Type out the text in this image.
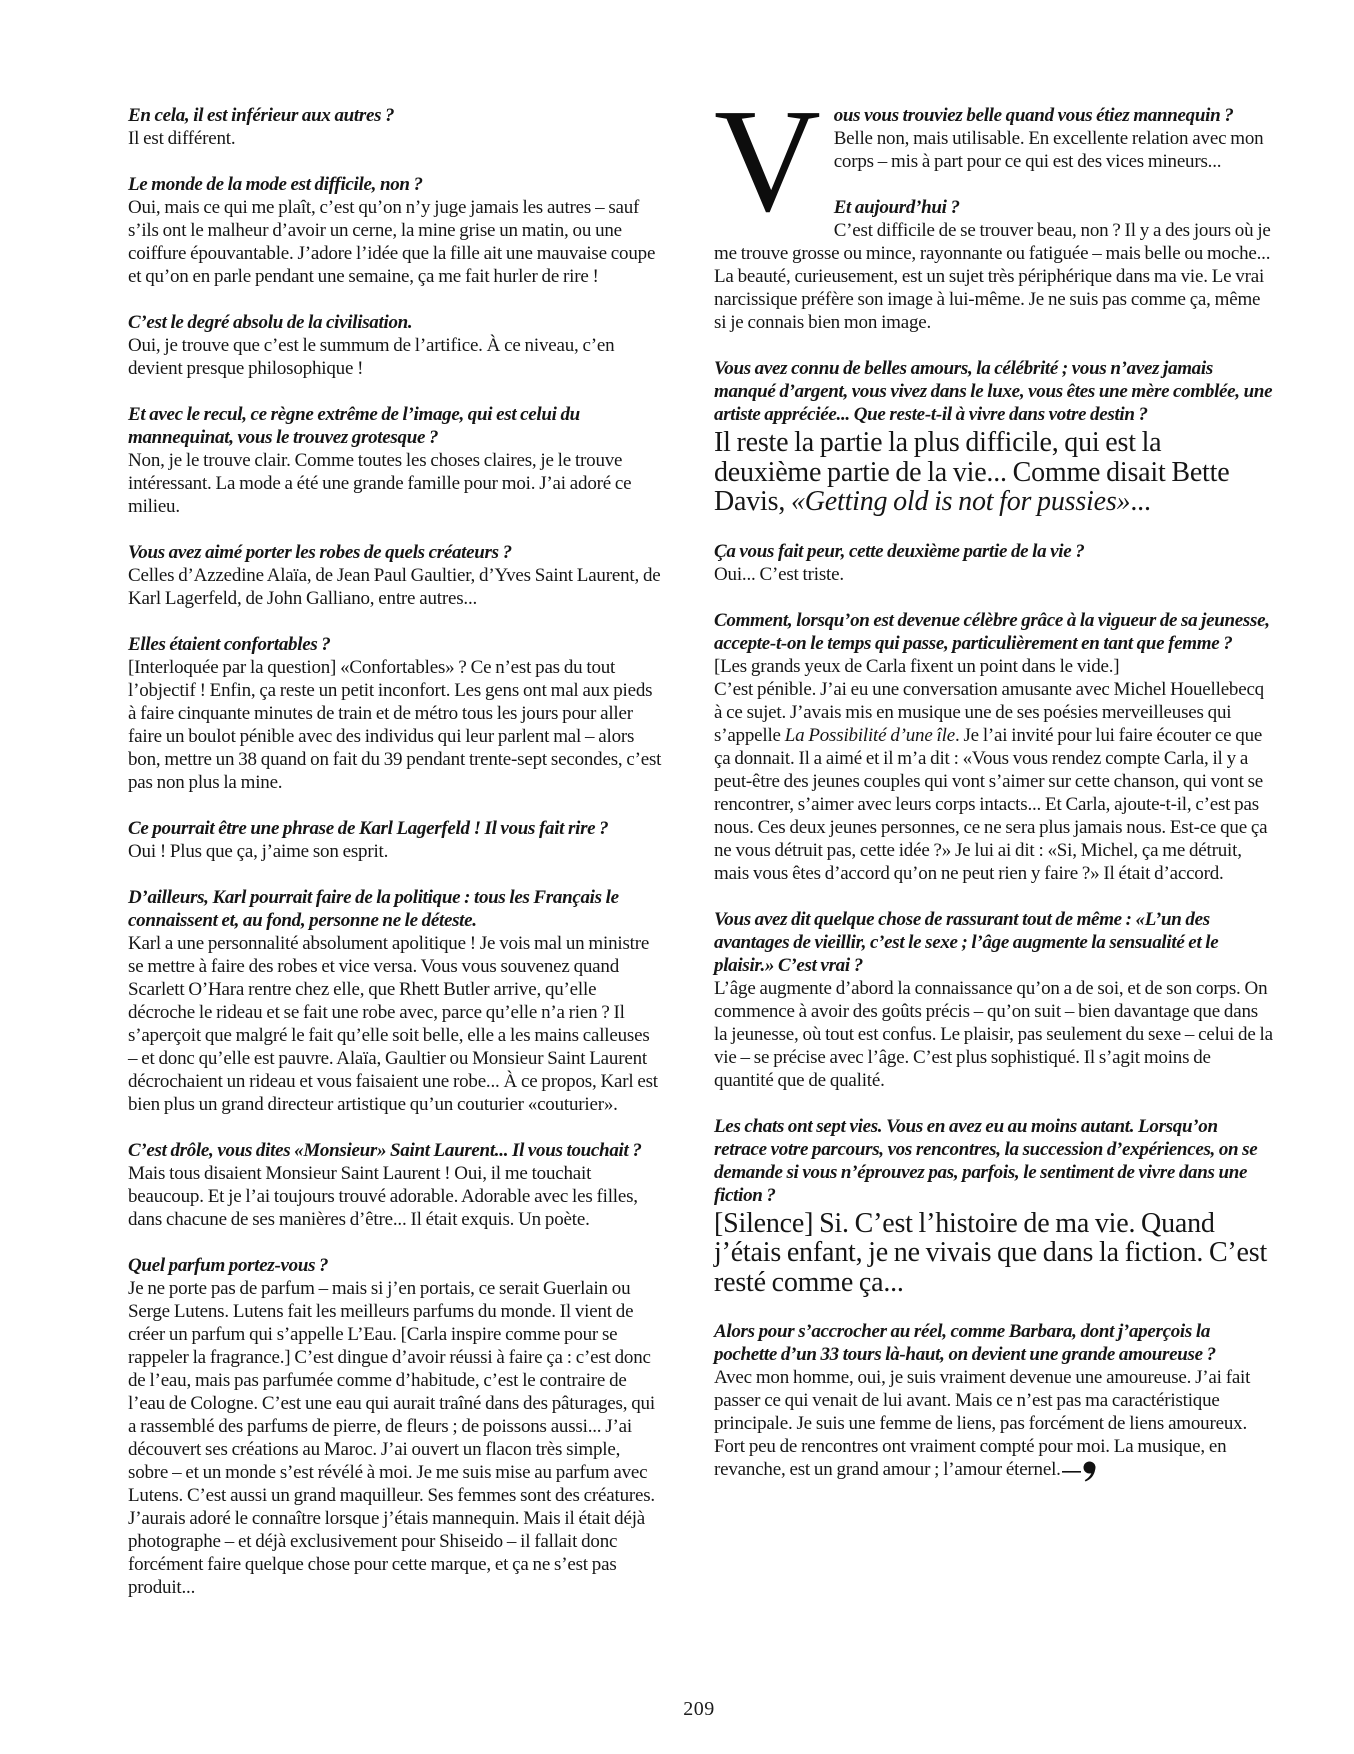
En cela, il est inférieur aux autres ?
Il est différent.
Le monde de la mode est difficile, non ?
Oui, mais ce qui me plaît, c’est qu’on n’y juge jamais les autres – sauf s’ils ont le malheur d’avoir un cerne, la mine grise un matin, ou une coiffure épouvantable. J’adore l’idée que la fille ait une mauvaise coupe et qu’on en parle pendant une semaine, ça me fait hurler de rire !
C’est le degré absolu de la civilisation.
Oui, je trouve que c’est le summum de l’artifice. À ce niveau, c’en devient presque philosophique !
Et avec le recul, ce règne extrême de l’image, qui est celui du mannequinat, vous le trouvez grotesque ?
Non, je le trouve clair. Comme toutes les choses claires, je le trouve intéressant. La mode a été une grande famille pour moi. J’ai adoré ce milieu.
Vous avez aimé porter les robes de quels créateurs ?
Celles d’Azzedine Alaïa, de Jean Paul Gaultier, d’Yves Saint Laurent, de Karl Lagerfeld, de John Galliano, entre autres...
Elles étaient confortables ?
[Interloquée par la question] «Confortables» ? Ce n’est pas du tout l’objectif ! Enfin, ça reste un petit inconfort. Les gens ont mal aux pieds à faire cinquante minutes de train et de métro tous les jours pour aller faire un boulot pénible avec des individus qui leur parlent mal – alors bon, mettre un 38 quand on fait du 39 pendant trente-sept secondes, c’est pas non plus la mine.
Ce pourrait être une phrase de Karl Lagerfeld ! Il vous fait rire ?
Oui ! Plus que ça, j’aime son esprit.
D’ailleurs, Karl pourrait faire de la politique : tous les Français le connaissent et, au fond, personne ne le déteste.
Karl a une personnalité absolument apolitique ! Je vois mal un ministre se mettre à faire des robes et vice versa. Vous vous souvenez quand Scarlett O’Hara rentre chez elle, que Rhett Butler arrive, qu’elle décroche le rideau et se fait une robe avec, parce qu’elle n’a rien ? Il s’aperçoit que malgré le fait qu’elle soit belle, elle a les mains calleuses – et donc qu’elle est pauvre. Alaïa, Gaultier ou Monsieur Saint Laurent décrochaient un rideau et vous faisaient une robe... À ce propos, Karl est bien plus un grand directeur artistique qu’un couturier «couturier».
C’est drôle, vous dites «Monsieur» Saint Laurent... Il vous touchait ?
Mais tous disaient Monsieur Saint Laurent ! Oui, il me touchait beaucoup. Et je l’ai toujours trouvé adorable. Adorable avec les filles, dans chacune de ses manières d’être... Il était exquis. Un poète.
Quel parfum portez-vous ?
Je ne porte pas de parfum – mais si j’en portais, ce serait Guerlain ou Serge Lutens. Lutens fait les meilleurs parfums du monde. Il vient de créer un parfum qui s’appelle L’Eau. [Carla inspire comme pour se rappeler la fragrance.] C’est dingue d’avoir réussi à faire ça : c’est donc de l’eau, mais pas parfumée comme d’habitude, c’est le contraire de l’eau de Cologne. C’est une eau qui aurait traîné dans des pâturages, qui a rassemblé des parfums de pierre, de fleurs ; de poissons aussi... J’ai découvert ses créations au Maroc. J’ai ouvert un flacon très simple, sobre – et un monde s’est révélé à moi. Je me suis mise au parfum avec Lutens. C’est aussi un grand maquilleur. Ses femmes sont des créatures. J’aurais adoré le connaître lorsque j’étais mannequin. Mais il était déjà photographe – et déjà exclusivement pour Shiseido – il fallait donc forcément faire quelque chose pour cette marque, et ça ne s’est pas produit...
V ous vous trouviez belle quand vous étiez mannequin ?
Belle non, mais utilisable. En excellente relation avec mon corps – mis à part pour ce qui est des vices mineurs...
Et aujourd’hui ?
C’est difficile de se trouver beau, non ? Il y a des jours où je me trouve grosse ou mince, rayonnante ou fatiguée – mais belle ou moche... La beauté, curieusement, est un sujet très périphérique dans ma vie. Le vrai narcissique préfère son image à lui-même. Je ne suis pas comme ça, même si je connais bien mon image.
Vous avez connu de belles amours, la célébrité ; vous n’avez jamais manqué d’argent, vous vivez dans le luxe, vous êtes une mère comblée, une artiste appréciée... Que reste-t-il à vivre dans votre destin ?
Il reste la partie la plus difficile, qui est la deuxième partie de la vie... Comme disait Bette Davis, «Getting old is not for pussies»...
Ça vous fait peur, cette deuxième partie de la vie ?
Oui... C’est triste.
Comment, lorsqu’on est devenue célèbre grâce à la vigueur de sa jeunesse, accepte-t-on le temps qui passe, particulièrement en tant que femme ?
[Les grands yeux de Carla fixent un point dans le vide.]
C’est pénible. J’ai eu une conversation amusante avec Michel Houellebecq à ce sujet. J’avais mis en musique une de ses poésies merveilleuses qui s’appelle La Possibilité d’une île. Je l’ai invité pour lui faire écouter ce que ça donnait. Il a aimé et il m’a dit : «Vous vous rendez compte Carla, il y a peut-être des jeunes couples qui vont s’aimer sur cette chanson, qui vont se rencontrer, s’aimer avec leurs corps intacts... Et Carla, ajoute-t-il, c’est pas nous. Ces deux jeunes personnes, ce ne sera plus jamais nous. Est-ce que ça ne vous détruit pas, cette idée ?» Je lui ai dit : «Si, Michel, ça me détruit, mais vous êtes d’accord qu’on ne peut rien y faire ?» Il était d’accord.
Vous avez dit quelque chose de rassurant tout de même : «L’un des avantages de vieillir, c’est le sexe ; l’âge augmente la sensualité et le plaisir.» C’est vrai ?
L’âge augmente d’abord la connaissance qu’on a de soi, et de son corps. On commence à avoir des goûts précis – qu’on suit – bien davantage que dans la jeunesse, où tout est confus. Le plaisir, pas seulement du sexe – celui de la vie – se précise avec l’âge. C’est plus sophistiqué. Il s’agit moins de quantité que de qualité.
Les chats ont sept vies. Vous en avez eu au moins autant. Lorsqu’on retrace votre parcours, vos rencontres, la succession d’expériences, on se demande si vous n’éprouvez pas, parfois, le sentiment de vivre dans une fiction ?
[Silence] Si. C’est l’histoire de ma vie. Quand j’étais enfant, je ne vivais que dans la fiction. C’est resté comme ça...
Alors pour s’accrocher au réel, comme Barbara, dont j’aperçois la pochette d’un 33 tours là-haut, on devient une grande amoureuse ?
Avec mon homme, oui, je suis vraiment devenue une amoureuse. J’ai fait passer ce qui venait de lui avant. Mais ce n’est pas ma caractéristique principale. Je suis une femme de liens, pas forcément de liens amoureux. Fort peu de rencontres ont vraiment compté pour moi. La musique, en revanche, est un grand amour ; l’amour éternel.
209
